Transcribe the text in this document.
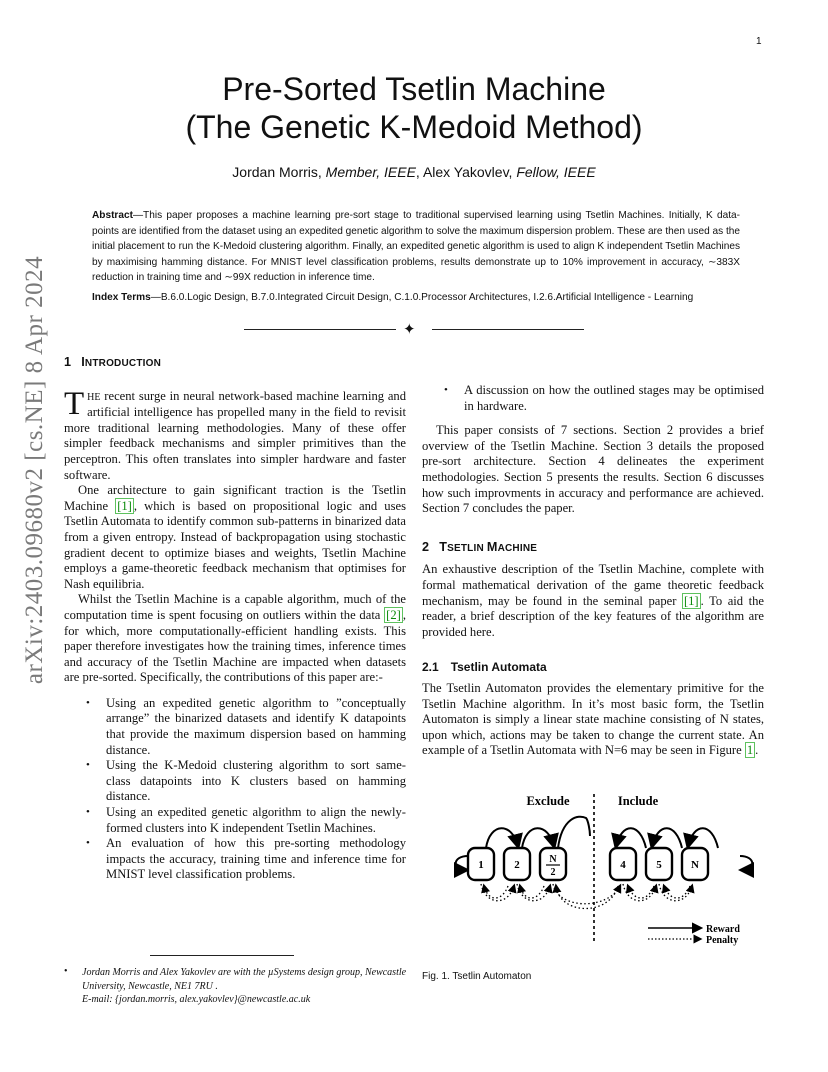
1
arXiv:2403.09680v2 [cs.NE] 8 Apr 2024
Pre-Sorted Tsetlin Machine
(The Genetic K-Medoid Method)
Jordan Morris, Member, IEEE, Alex Yakovlev, Fellow, IEEE
Abstract—This paper proposes a machine learning pre-sort stage to traditional supervised learning using Tsetlin Machines. Initially, K data-points are identified from the dataset using an expedited genetic algorithm to solve the maximum dispersion problem. These are then used as the initial placement to run the K-Medoid clustering algorithm. Finally, an expedited genetic algorithm is used to align K independent Tsetlin Machines by maximising hamming distance. For MNIST level classification problems, results demonstrate up to 10% improvement in accuracy, ∼383X reduction in training time and ∼99X reduction in inference time.
Index Terms—B.6.0.Logic Design, B.7.0.Integrated Circuit Design, C.1.0.Processor Architectures, I.2.6.Artificial Intelligence - Learning
✦
1 INTRODUCTION

THE recent surge in neural network-based machine learning and artificial intelligence has propelled many in the field to revisit more traditional learning methodologies. Many of these offer simpler feedback mechanisms and simpler primitives than the perceptron. This often translates into simpler hardware and faster software.

One architecture to gain significant traction is the Tsetlin Machine [1] , which is based on propositional logic and uses Tsetlin Automata to identify common sub-patterns in binarized data from a given entropy. Instead of backpropagation using stochastic gradient decent to optimize biases and weights, Tsetlin Machine employs a game-theoretic feedback mechanism that optimises for Nash equilibria.

Whilst the Tsetlin Machine is a capable algorithm, much of the computation time is spent focusing on outliers within the data [2] , for which, more computationally-efficient handling exists. This paper therefore investigates how the training times, inference times and accuracy of the Tsetlin Machine are impacted when datasets are pre-sorted. Specifically, the contributions of this paper are:-

• Using an expedited genetic algorithm to ”conceptually arrange” the binarized datasets and identify K datapoints that provide the maximum dispersion based on hamming distance.
• Using the K-Medoid clustering algorithm to sort same-class datapoints into K clusters based on hamming distance.
• Using an expedited genetic algorithm to align the newly-formed clusters into K independent Tsetlin Machines.
• An evaluation of how this pre-sorting methodology impacts the accuracy, training time and inference time for MNIST level classification problems.
• A discussion on how the outlined stages may be optimised in hardware.

This paper consists of 7 sections. Section 2 provides a brief overview of the Tsetlin Machine. Section 3 details the proposed pre-sort architecture. Section 4 delineates the experiment methodologies. Section 5 presents the results. Section 6 discusses how such improvments in accuracy and performance are achieved. Section 7 concludes the paper.

2 TSETLIN MACHINE

An exhaustive description of the Tsetlin Machine, complete with formal mathematical derivation of the game theoretic feedback mechanism, may be found in the seminal paper [1] . To aid the reader, a brief description of the key features of the algorithm are provided here.

2.1 Tsetlin Automata

The Tsetlin Automaton provides the elementary primitive for the Tsetlin Machine algorithm. In it’s most basic form, the Tsetlin Automaton is simply a linear state machine consisting of N states, upon which, actions may be taken to change the current state. An example of a Tsetlin Automata with N=6 may be seen in Figure 1 .

Exclude	Include
1	2	N
2
4	5	N
Reward
Penalty
Fig. 1. Tsetlin Automaton
• Jordan Morris and Alex Yakovlev are with the µSystems design group, Newcastle University, Newcastle, NE1 7RU .
E-mail: {jordan.morris, alex.yakovlev}@newcastle.ac.uk
